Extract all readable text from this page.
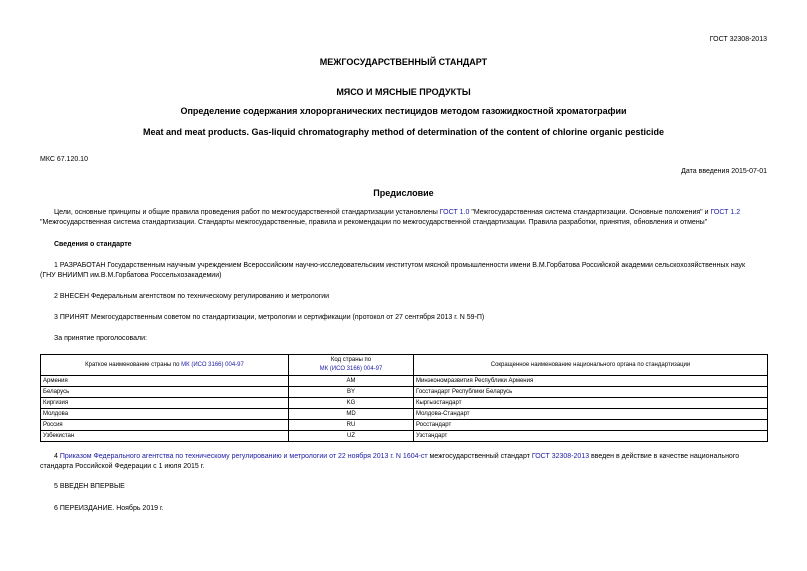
ГОСТ 32308-2013
МЕЖГОСУДАРСТВЕННЫЙ СТАНДАРТ
МЯСО И МЯСНЫЕ ПРОДУКТЫ
Определение содержания хлорорганических пестицидов методом газожидкостной хроматографии
Meat and meat products. Gas-liquid chromatography method of determination of the content of chlorine organic pesticide
МКС 67.120.10
Дата введения 2015-07-01
Предисловие
Цели, основные принципы и общие правила проведения работ по межгосударственной стандартизации установлены ГОСТ 1.0 "Межгосударственная система стандартизации. Основные положения" и ГОСТ 1.2
"Межгосударственная система стандартизации. Стандарты межгосударственные, правила и рекомендации по межгосударственной стандартизации. Правила разработки, принятия, обновления и отмены"
Сведения о стандарте
1 РАЗРАБОТАН Государственным научным учреждением Всероссийским научно-исследовательским институтом мясной промышленности имени В.М.Горбатова Российской академии сельскохозяйственных наук
(ГНУ ВНИИМП им.В.М.Горбатова Россельхозакадемии)
2 ВНЕСЕН Федеральным агентством по техническому регулированию и метрологии
3 ПРИНЯТ Межгосударственным советом по стандартизации, метрологии и сертификации (протокол от 27 сентября 2013 г. N 59-П)
За принятие проголосовали:
Краткое наименование страны по МК (ИСО 3166) 004-97	Код страны по
МК (ИСО 3166) 004-97	Сокращенное наименование национального органа по стандартизации
Армения	AM	Минэкономразвития Республики Армения
Беларусь	BY	Госстандарт Республики Беларусь
Киргизия	KG	Кыргызстандарт
Молдова	MD	Молдова-Стандарт
Россия	RU	Росстандарт
Узбекистан	UZ	Узстандарт
4 Приказом Федерального агентства по техническому регулированию и метрологии от 22 ноября 2013 г. N 1604-ст межгосударственный стандарт ГОСТ 32308-2013 введен в действие в качестве национального
стандарта Российской Федерации с 1 июля 2015 г.
5 ВВЕДЕН ВПЕРВЫЕ
6 ПЕРЕИЗДАНИЕ. Ноябрь 2019 г.
